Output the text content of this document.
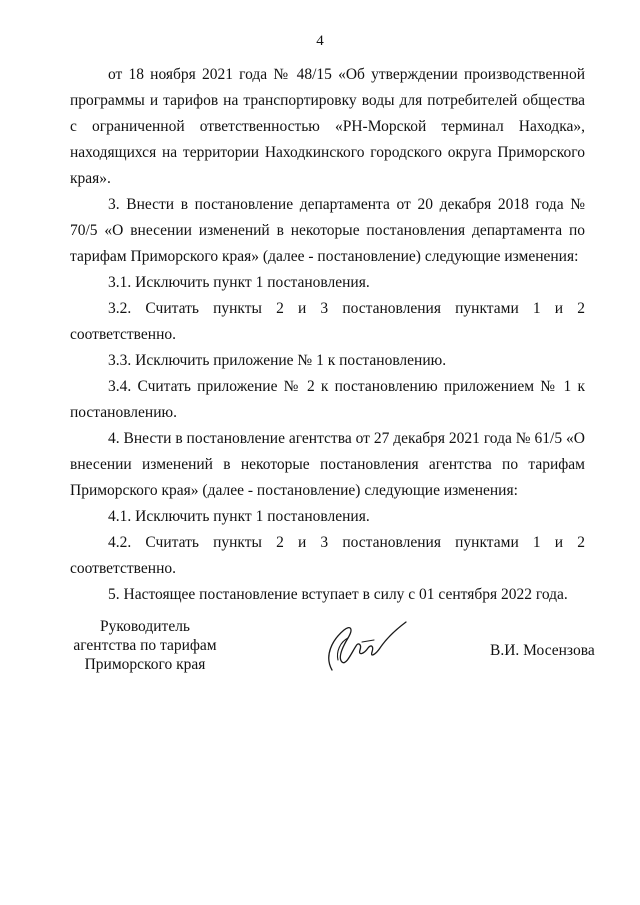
4

от 18 ноября 2021 года № 48/15 «Об утверждении производственной программы и тарифов на транспортировку воды для потребителей общества с ограниченной ответственностью «РН-Морской терминал Находка», находящихся на территории Находкинского городского округа Приморского края».

3. Внести в постановление департамента от 20 декабря 2018 года № 70/5 «О внесении изменений в некоторые постановления департамента по тарифам Приморского края» (далее - постановление) следующие изменения:

3.1. Исключить пункт 1 постановления.

3.2. Считать пункты 2 и 3 постановления пунктами 1 и 2 соответственно.

3.3. Исключить приложение № 1 к постановлению.

3.4. Считать приложение № 2 к постановлению приложением № 1 к постановлению.

4. Внести в постановление агентства от 27 декабря 2021 года № 61/5 «О внесении изменений в некоторые постановления агентства по тарифам Приморского края» (далее - постановление) следующие изменения:

4.1. Исключить пункт 1 постановления.

4.2. Считать пункты 2 и 3 постановления пунктами 1 и 2 соответственно.

5. Настоящее постановление вступает в силу с 01 сентября 2022 года.

Руководитель
агентства по тарифам
Приморского края
В.И. Мосензова
